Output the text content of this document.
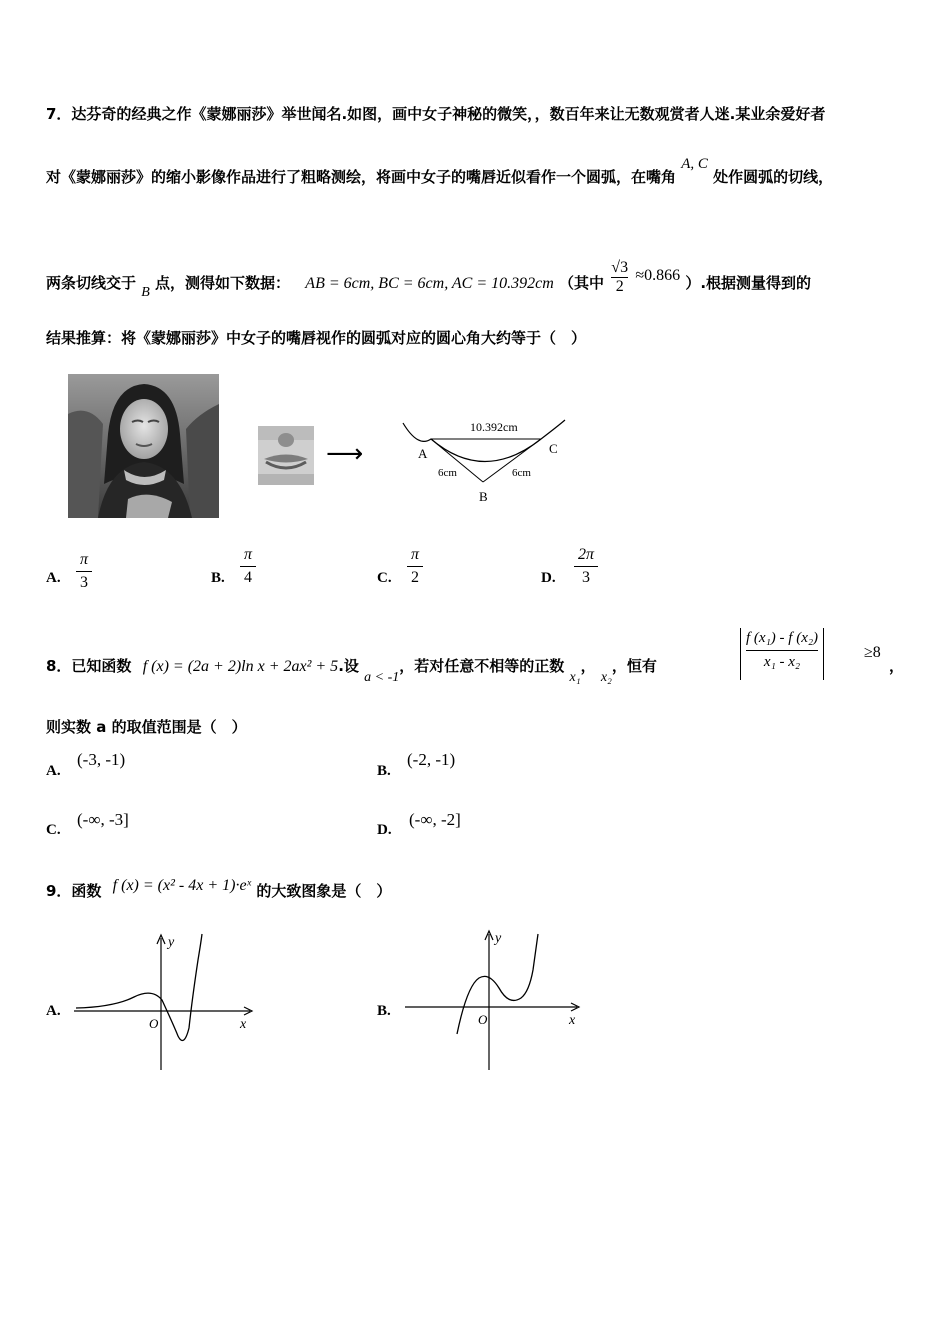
7．达芬奇的经典之作《蒙娜丽莎》举世闻名.如图，画中女子神秘的微笑，，数百年来让无数观赏者人迷.某业余爱好者
对《蒙娜丽莎》的缩小影像作品进行了粗略测绘，将画中女子的嘴唇近似看作一个圆弧，在嘴角 A, C 处作圆弧的切线，
两条切线交于 B 点，测得如下数据： AB = 6cm, BC = 6cm, AC = 10.392cm （其中 $\frac{√3}{2} \approx 0.866$ ）.根据测量得到的
结果推算：将《蒙娜丽莎》中女子的嘴唇视作的圆弧对应的圆心角大约等于（　）
⟶
10.392cm
A	C
B
6cm	6cm
A.
π
3	B.
π
4	C.
π
2	D.
2π
3
8．已知函数 f (x) = (2a + 2)ln x + 2ax² + 5.设 a < -1，若对任意不相等的正数 x₁， x₂，恒有	$\frac{\text{f (x₁) - f (x₂)}}{\text{x₁ - x₂}} \ge 8$
，
则实数 a 的取值范围是（　）
A.
(-3, -1)
B.
(-2, -1)
C.
(-∞, -3]
D.
(-∞, -2]
9．函数 f (x) = (x² - 4x + 1)·eˣ 的大致图象是（　）
A.
y
x
O
B.
y
x
O
